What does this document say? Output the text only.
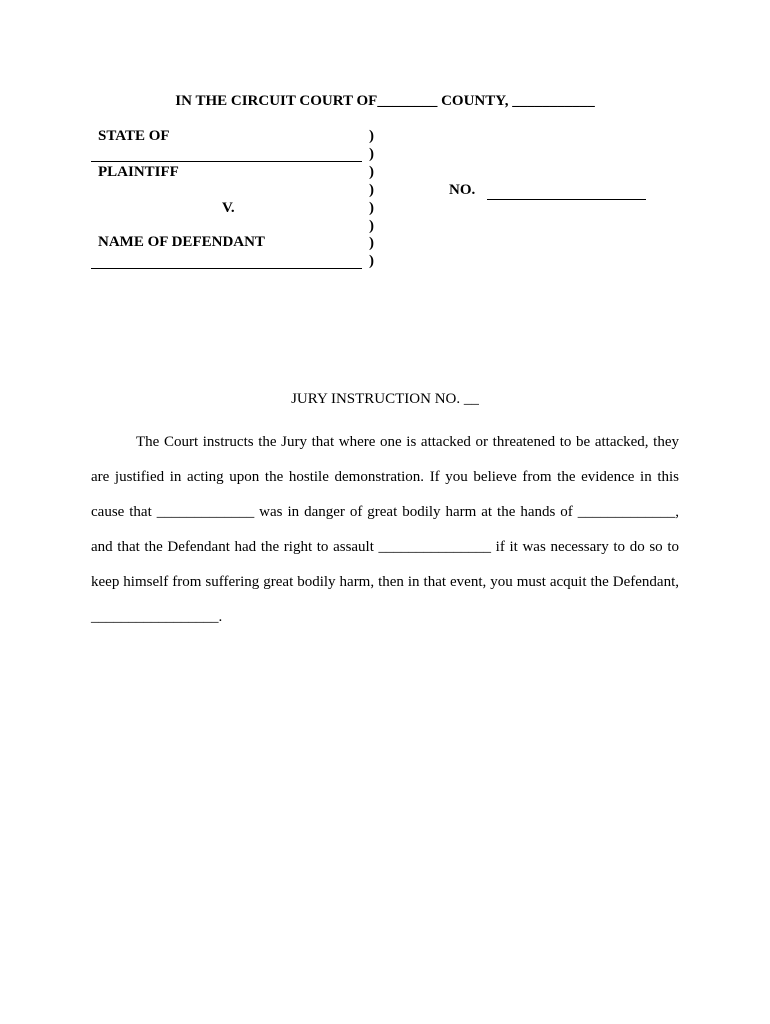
IN THE CIRCUIT COURT OF________ COUNTY, ___________
STATE OF
PLAINTIFF
V.
NAME OF DEFENDANT
)
)
)
)
)
)
)
)
NO.
JURY INSTRUCTION NO. __

The Court instructs the Jury that where one is attacked or threatened to be attacked, they are justified in acting upon the hostile demonstration. If you believe from the evidence in this cause that _____________ was in danger of great bodily harm at the hands of _____________, and that the Defendant had the right to assault _______________ if it was necessary to do so to keep himself from suffering great bodily harm, then in that event, you must acquit the Defendant, _________________.
